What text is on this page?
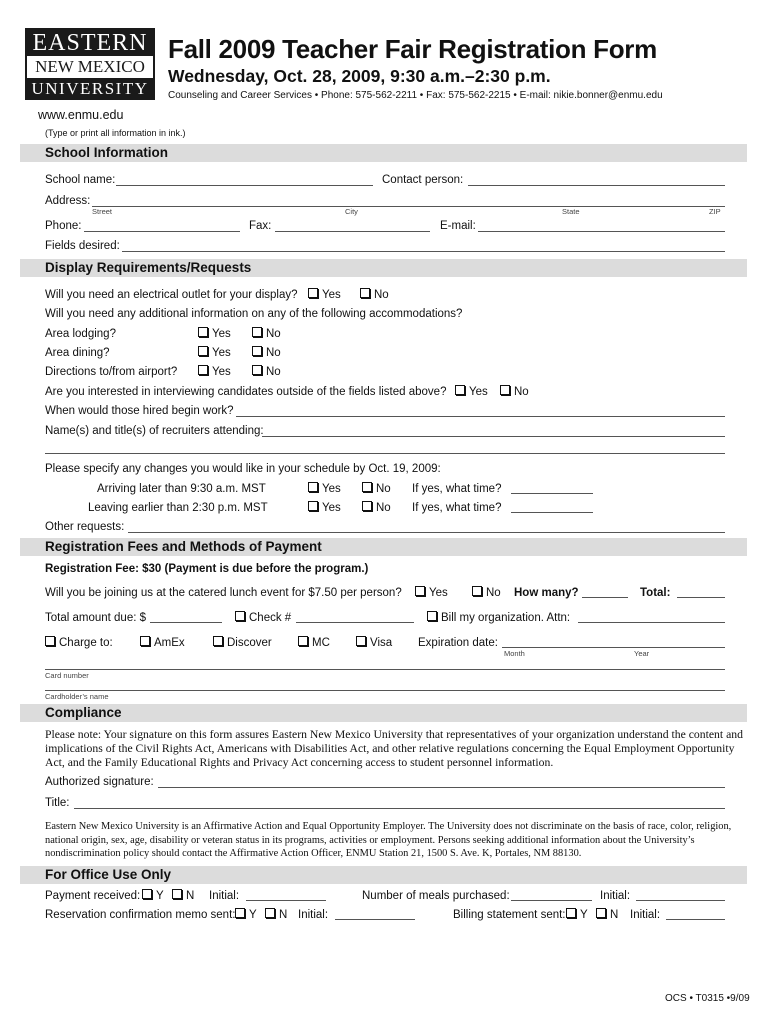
EASTERN
NEW MEXICO
UNIVERSITY
www.enmu.edu
Fall 2009 Teacher Fair Registration Form
Wednesday, Oct. 28, 2009, 9:30 a.m.–2:30 p.m.
Counseling and Career Services • Phone: 575-562-2211 • Fax: 575-562-2215 • E-mail: nikie.bonner@enmu.edu
(Type or print all information in ink.)
School Information
School name:	Contact person:
Address:
Street	City	State	ZIP
Phone:	Fax:	E-mail:
Fields desired:
Display Requirements/Requests
Will you need an electrical outlet for your display?	Yes	No
Will you need any additional information on any of the following accommodations?
Area lodging?	Yes	No
Area dining?	Yes	No
Directions to/from airport?	Yes	No
Are you interested in interviewing candidates outside of the fields listed above?	Yes	No
When would those hired begin work?
Name(s) and title(s) of recruiters attending:
Please specify any changes you would like in your schedule by Oct. 19, 2009:
Arriving later than 9:30 a.m. MST	Yes	No If yes, what time?
Leaving earlier than 2:30 p.m. MST	Yes	No If yes, what time?
Other requests:
Registration Fees and Methods of Payment
Registration Fee: $30 (Payment is due before the program.)
Will you be joining us at the catered lunch event for $7.50 per person?	Yes	No How many?	Total:
Total amount due: $	Check #	Bill my organization. Attn:
Charge to:	AmEx	Discover	MC	Visa Expiration date:
Month	Year
Card number
Cardholder’s name
Compliance
Please note: Your signature on this form assures Eastern New Mexico University that representatives of your organization understand the content and implications of the Civil Rights Act, Americans with Disabilities Act, and other relative regulations concerning the Equal Employment Opportunity Act, and the Family Educational Rights and Privacy Act concerning access to student personnel information.
Authorized signature:
Title:
Eastern New Mexico University is an Affirmative Action and Equal Opportunity Employer. The University does not discriminate on the basis of race, color, religion, national origin, sex, age, disability or veteran status in its programs, activities or employment. Persons seeking additional information about the University’s nondiscrimination policy should contact the Affirmative Action Officer, ENMU Station 21, 1500 S. Ave. K, Portales, NM 88130.
For Office Use Only
Payment received:	Y	N Initial:	Number of meals purchased:	Initial:
Reservation confirmation memo sent:	Y	N Initial:	Billing statement sent:	Y	N Initial:
OCS • T0315 •9/09
